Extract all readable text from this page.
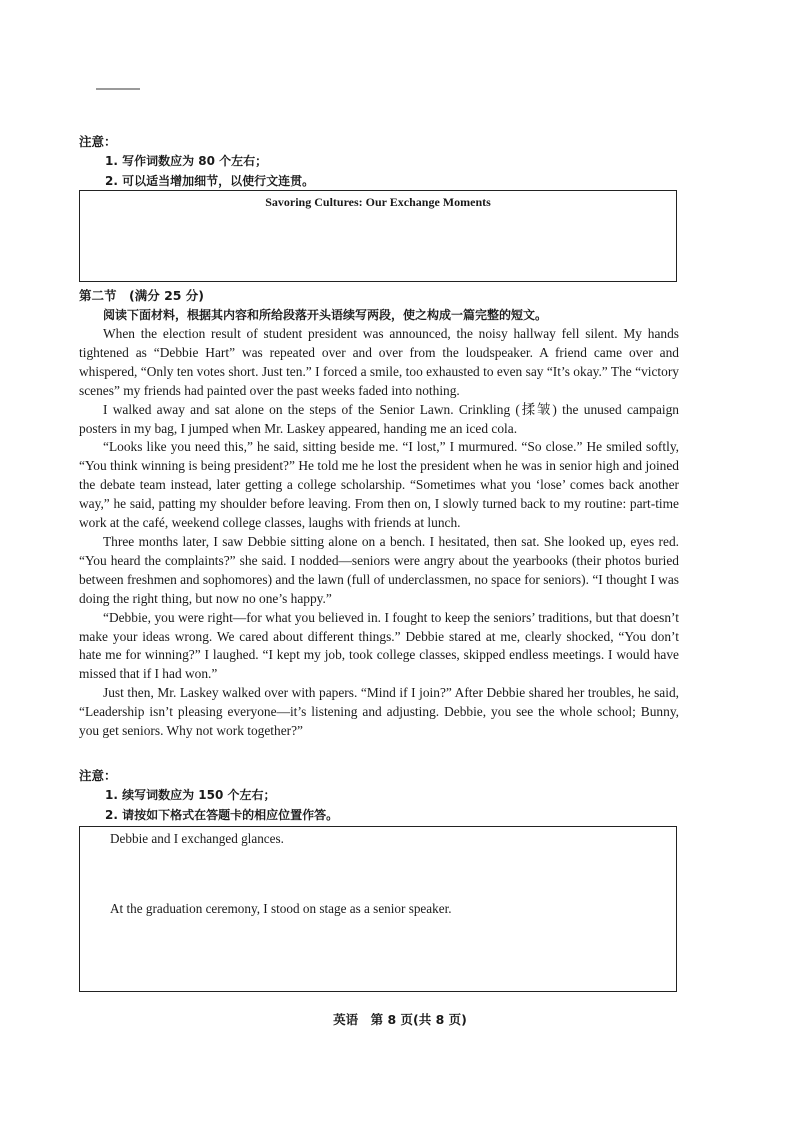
注意：
1. 写作词数应为 80 个左右；
2. 可以适当增加细节，以使行文连贯。
Savoring Cultures: Our Exchange Moments
第二节　(满分 25 分)
阅读下面材料，根据其内容和所给段落开头语续写两段，使之构成一篇完整的短文。

When the election result of student president was announced, the noisy hallway fell silent. My hands tightened as “Debbie Hart” was repeated over and over from the loudspeaker. A friend came over and whispered, “Only ten votes short. Just ten.” I forced a smile, too exhausted to even say “It’s okay.” The “victory scenes” my friends had painted over the past weeks faded into nothing.

I walked away and sat alone on the steps of the Senior Lawn. Crinkling (揉皱) the unused campaign posters in my bag, I jumped when Mr. Laskey appeared, handing me an iced cola.

“Looks like you need this,” he said, sitting beside me. “I lost,” I murmured. “So close.” He smiled softly, “You think winning is being president?” He told me he lost the president when he was in senior high and joined the debate team instead, later getting a college scholarship. “Sometimes what you ‘lose’ comes back another way,” he said, patting my shoulder before leaving. From then on, I slowly turned back to my routine: part-time work at the café, weekend college classes, laughs with friends at lunch.

Three months later, I saw Debbie sitting alone on a bench. I hesitated, then sat. She looked up, eyes red. “You heard the complaints?” she said. I nodded—seniors were angry about the yearbooks (their photos buried between freshmen and sophomores) and the lawn (full of underclassmen, no space for seniors). “I thought I was doing the right thing, but now no one’s happy.”

“Debbie, you were right—for what you believed in. I fought to keep the seniors’ traditions, but that doesn’t make your ideas wrong. We cared about different things.” Debbie stared at me, clearly shocked, “You don’t hate me for winning?” I laughed. “I kept my job, took college classes, skipped endless meetings. I would have missed that if I had won.”

Just then, Mr. Laskey walked over with papers. “Mind if I join?” After Debbie shared her troubles, he said, “Leadership isn’t pleasing everyone—it’s listening and adjusting. Debbie, you see the whole school; Bunny, you get seniors. Why not work together?”

注意：
1. 续写词数应为 150 个左右；
2. 请按如下格式在答题卡的相应位置作答。
Debbie and I exchanged glances.
At the graduation ceremony, I stood on stage as a senior speaker.
英语　第 8 页(共 8 页)
